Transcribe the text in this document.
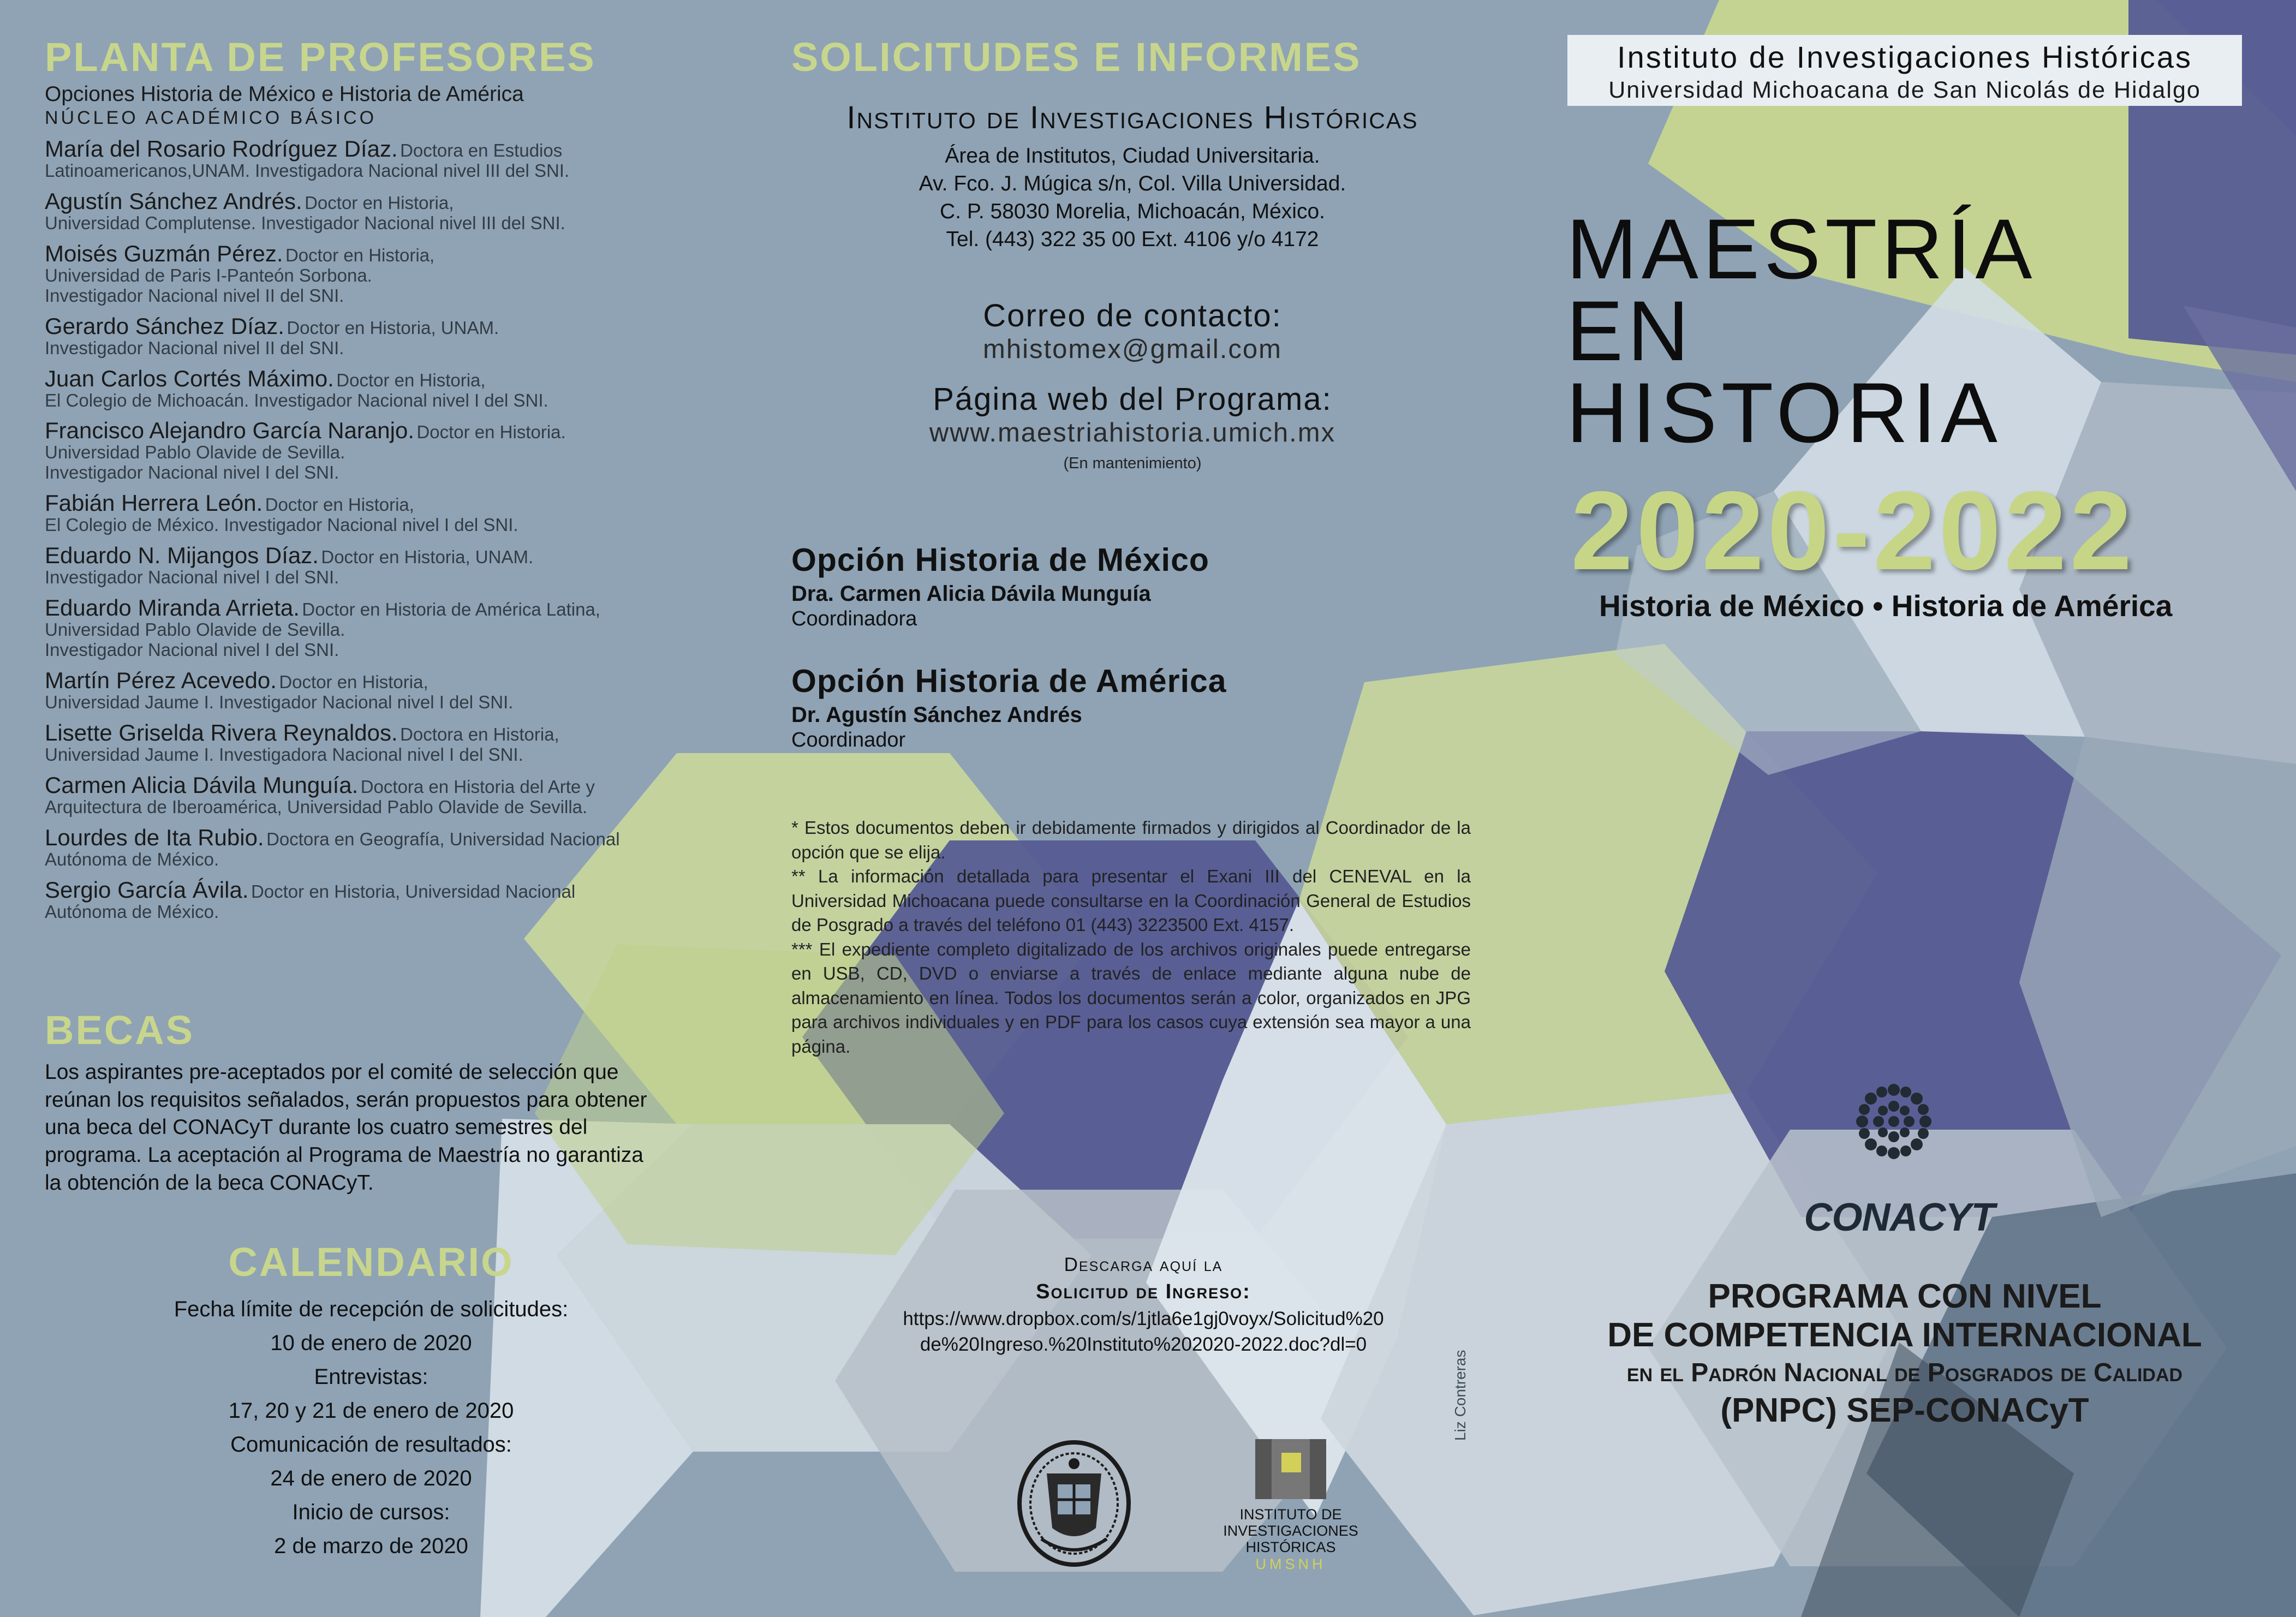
PLANTA DE PROFESORES
Opciones Historia de México e Historia de América
NÚCLEO ACADÉMICO BÁSICO
María del Rosario Rodríguez Díaz. Doctora en Estudios
Latinoamericanos,UNAM. Investigadora Nacional nivel III del SNI.
Agustín Sánchez Andrés. Doctor en Historia,
Universidad Complutense. Investigador Nacional nivel III del SNI.
Moisés Guzmán Pérez. Doctor en Historia,
Universidad de Paris I-Panteón Sorbona.
Investigador Nacional nivel II del SNI.
Gerardo Sánchez Díaz. Doctor en Historia, UNAM.
Investigador Nacional nivel II del SNI.
Juan Carlos Cortés Máximo. Doctor en Historia,
El Colegio de Michoacán. Investigador Nacional nivel I del SNI.
Francisco Alejandro García Naranjo. Doctor en Historia.
Universidad Pablo Olavide de Sevilla.
Investigador Nacional nivel I del SNI.
Fabián Herrera León. Doctor en Historia,
El Colegio de México. Investigador Nacional nivel I del SNI.
Eduardo N. Mijangos Díaz. Doctor en Historia, UNAM.
Investigador Nacional nivel I del SNI.
Eduardo Miranda Arrieta. Doctor en Historia de América Latina,
Universidad Pablo Olavide de Sevilla.
Investigador Nacional nivel I del SNI.
Martín Pérez Acevedo. Doctor en Historia,
Universidad Jaume I. Investigador Nacional nivel I del SNI.
Lisette Griselda Rivera Reynaldos. Doctora en Historia,
Universidad Jaume I. Investigadora Nacional nivel I del SNI.
Carmen Alicia Dávila Munguía. Doctora en Historia del Arte y
Arquitectura de Iberoamérica, Universidad Pablo Olavide de Sevilla.
Lourdes de Ita Rubio. Doctora en Geografía, Universidad Nacional
Autónoma de México.
Sergio García Ávila. Doctor en Historia, Universidad Nacional
Autónoma de México.
BECAS
Los aspirantes pre-aceptados por el comité de selección que
reúnan los requisitos señalados, serán propuestos para obtener
una beca del CONACyT durante los cuatro semestres del
programa. La aceptación al Programa de Maestría no garantiza
la obtención de la beca CONACyT.
CALENDARIO
Fecha límite de recepción de solicitudes:
10 de enero de 2020
Entrevistas:
17, 20 y 21 de enero de 2020
Comunicación de resultados:
24 de enero de 2020
Inicio de cursos:
2 de marzo de 2020
SOLICITUDES E INFORMES
Instituto de Investigaciones Históricas
Área de Institutos, Ciudad Universitaria.
Av. Fco. J. Múgica s/n, Col. Villa Universidad.
C. P. 58030 Morelia, Michoacán, México.
Tel. (443) 322 35 00 Ext. 4106 y/o 4172
Correo de contacto:
mhistomex@gmail.com
Página web del Programa:
www.maestriahistoria.umich.mx
(En mantenimiento)
Opción Historia de México
Dra. Carmen Alicia Dávila Munguía
Coordinadora
Opción Historia de América
Dr. Agustín Sánchez Andrés
Coordinador

* Estos documentos deben ir debidamente firmados y dirigidos al Coordinador de la opción que se elija.

** La información detallada para presentar el Exani III del CENEVAL en la Universidad Michoacana puede consultarse en la Coordinación General de Estudios de Posgrado a través del teléfono 01 (443) 3223500 Ext. 4157.

*** El expediente completo digitalizado de los archivos originales puede entregarse en USB, CD, DVD o enviarse a través de enlace mediante alguna nube de almacenamiento en línea. Todos los documentos serán a color, organizados en JPG para archivos individuales y en PDF para los casos cuya extensión sea mayor a una página.

Descarga aquí la
Solicitud de Ingreso:
https://www.dropbox.com/s/1jtla6e1gj0voyx/Solicitud%20
de%20Ingreso.%20Instituto%202020-2022.doc?dl=0
INSTITUTO DE
INVESTIGACIONES
HISTÓRICAS
UMSNH
Liz Contreras
Instituto de Investigaciones Históricas
Universidad Michoacana de San Nicolás de Hidalgo
MAESTRÍA
EN
HISTORIA
2020-2022
Historia de México • Historia de América
CONACYT
PROGRAMA CON NIVEL
DE COMPETENCIA INTERNACIONAL
en el Padrón Nacional de Posgrados de Calidad
(PNPC) SEP-CONACyT
